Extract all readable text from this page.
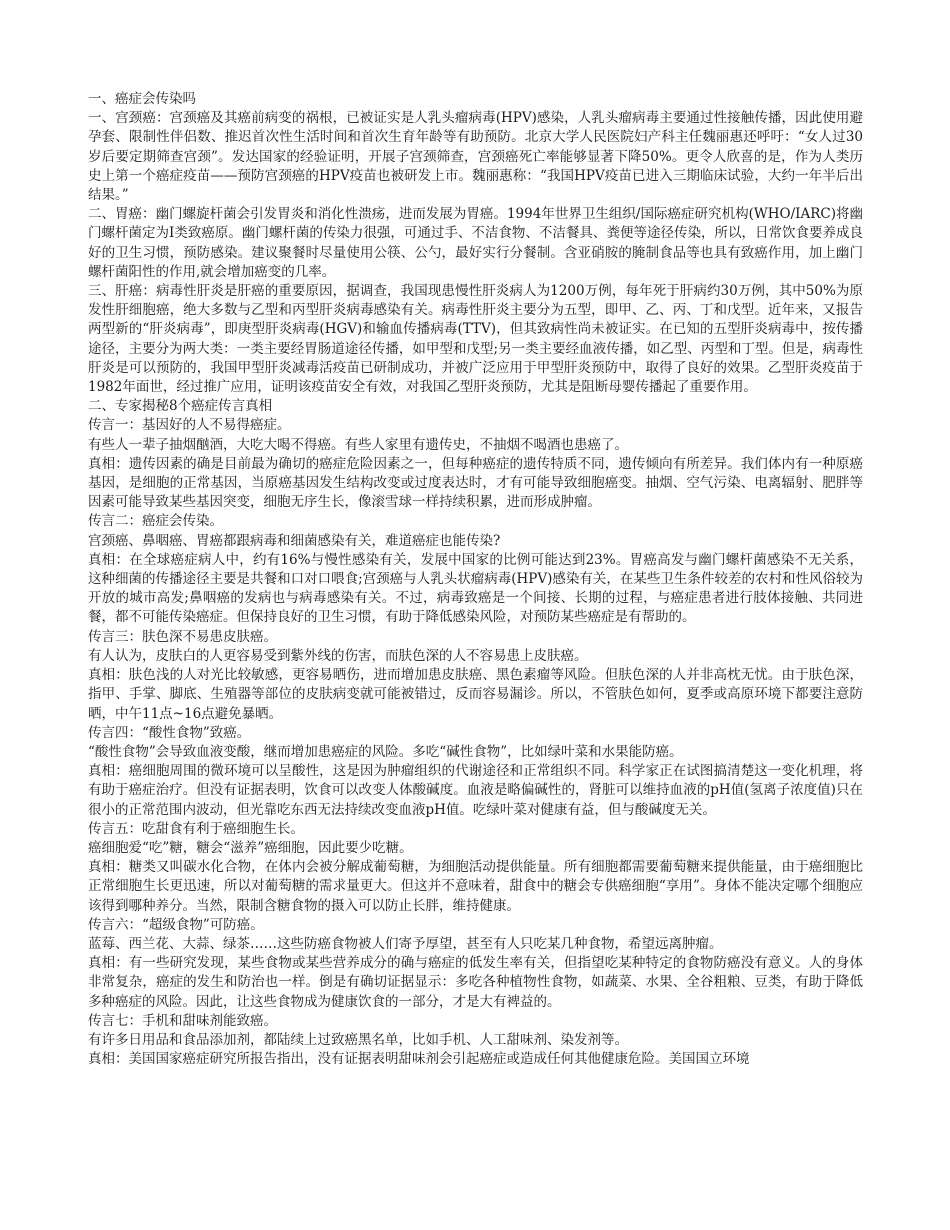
一、癌症会传染吗

一、宫颈癌：宫颈癌及其癌前病变的祸根，已被证实是人乳头瘤病毒(HPV)感染，人乳头瘤病毒主要通过性接触传播，因此使用避孕套、限制性伴侣数、推迟首次性生活时间和首次生育年龄等有助预防。北京大学人民医院妇产科主任魏丽惠还呼吁：“女人过30岁后要定期筛查宫颈”。发达国家的经验证明，开展子宫颈筛查，宫颈癌死亡率能够显著下降50%。更令人欣喜的是，作为人类历史上第一个癌症疫苗——预防宫颈癌的HPV疫苗也被研发上市。魏丽惠称：“我国HPV疫苗已进入三期临床试验，大约一年半后出结果。”

二、胃癌：幽门螺旋杆菌会引发胃炎和消化性溃疡，进而发展为胃癌。1994年世界卫生组织/国际癌症研究机构(WHO/IARC)将幽门螺杆菌定为Ⅰ类致癌原。幽门螺杆菌的传染力很强，可通过手、不洁食物、不洁餐具、粪便等途径传染，所以，日常饮食要养成良好的卫生习惯，预防感染。建议聚餐时尽量使用公筷、公勺，最好实行分餐制。含亚硝胺的腌制食品等也具有致癌作用，加上幽门螺杆菌阳性的作用,就会增加癌变的几率。

三、肝癌：病毒性肝炎是肝癌的重要原因，据调查，我国现患慢性肝炎病人为1200万例，每年死于肝病约30万例，其中50%为原发性肝细胞癌，绝大多数与乙型和丙型肝炎病毒感染有关。病毒性肝炎主要分为五型，即甲、乙、丙、丁和戊型。近年来，又报告两型新的“肝炎病毒”，即庚型肝炎病毒(HGV)和输血传播病毒(TTV)，但其致病性尚未被证实。在已知的五型肝炎病毒中，按传播途径，主要分为两大类：一类主要经胃肠道途径传播，如甲型和戊型;另一类主要经血液传播，如乙型、丙型和丁型。但是，病毒性肝炎是可以预防的，我国甲型肝炎减毒活疫苗已研制成功，并被广泛应用于甲型肝炎预防中，取得了良好的效果。乙型肝炎疫苗于1982年面世，经过推广应用，证明该疫苗安全有效，对我国乙型肝炎预防，尤其是阻断母婴传播起了重要作用。

二、专家揭秘8个癌症传言真相

传言一：基因好的人不易得癌症。

有些人一辈子抽烟酗酒，大吃大喝不得癌。有些人家里有遗传史，不抽烟不喝酒也患癌了。

真相：遗传因素的确是目前最为确切的癌症危险因素之一，但每种癌症的遗传特质不同，遗传倾向有所差异。我们体内有一种原癌基因，是细胞的正常基因，当原癌基因发生结构改变或过度表达时，才有可能导致细胞癌变。抽烟、空气污染、电离辐射、肥胖等因素可能导致某些基因突变，细胞无序生长，像滚雪球一样持续积累，进而形成肿瘤。

传言二：癌症会传染。

宫颈癌、鼻咽癌、胃癌都跟病毒和细菌感染有关，难道癌症也能传染?

真相：在全球癌症病人中，约有16%与慢性感染有关，发展中国家的比例可能达到23%。胃癌高发与幽门螺杆菌感染不无关系，这种细菌的传播途径主要是共餐和口对口喂食;宫颈癌与人乳头状瘤病毒(HPV)感染有关，在某些卫生条件较差的农村和性风俗较为开放的城市高发;鼻咽癌的发病也与病毒感染有关。不过，病毒致癌是一个间接、长期的过程，与癌症患者进行肢体接触、共同进餐，都不可能传染癌症。但保持良好的卫生习惯，有助于降低感染风险，对预防某些癌症是有帮助的。

传言三：肤色深不易患皮肤癌。

有人认为，皮肤白的人更容易受到紫外线的伤害，而肤色深的人不容易患上皮肤癌。

真相：肤色浅的人对光比较敏感，更容易晒伤，进而增加患皮肤癌、黑色素瘤等风险。但肤色深的人并非高枕无忧。由于肤色深，指甲、手掌、脚底、生殖器等部位的皮肤病变就可能被错过，反而容易漏诊。所以，不管肤色如何，夏季或高原环境下都要注意防晒，中午11点~16点避免暴晒。

传言四：“酸性食物”致癌。

“酸性食物”会导致血液变酸，继而增加患癌症的风险。多吃“碱性食物”，比如绿叶菜和水果能防癌。

真相：癌细胞周围的微环境可以呈酸性，这是因为肿瘤组织的代谢途径和正常组织不同。科学家正在试图搞清楚这一变化机理，将有助于癌症治疗。但没有证据表明，饮食可以改变人体酸碱度。血液是略偏碱性的，肾脏可以维持血液的pH值(氢离子浓度值)只在很小的正常范围内波动，但光靠吃东西无法持续改变血液pH值。吃绿叶菜对健康有益，但与酸碱度无关。

传言五：吃甜食有利于癌细胞生长。

癌细胞爱“吃”糖，糖会“滋养”癌细胞，因此要少吃糖。

真相：糖类又叫碳水化合物，在体内会被分解成葡萄糖，为细胞活动提供能量。所有细胞都需要葡萄糖来提供能量，由于癌细胞比正常细胞生长更迅速，所以对葡萄糖的需求量更大。但这并不意味着，甜食中的糖会专供癌细胞“享用”。身体不能决定哪个细胞应该得到哪种养分。当然，限制含糖食物的摄入可以防止长胖，维持健康。

传言六：“超级食物”可防癌。

蓝莓、西兰花、大蒜、绿茶……这些防癌食物被人们寄予厚望，甚至有人只吃某几种食物，希望远离肿瘤。

真相：有一些研究发现，某些食物或某些营养成分的确与癌症的低发生率有关，但指望吃某种特定的食物防癌没有意义。人的身体非常复杂，癌症的发生和防治也一样。倒是有确切证据显示：多吃各种植物性食物，如蔬菜、水果、全谷粗粮、豆类，有助于降低多种癌症的风险。因此，让这些食物成为健康饮食的一部分，才是大有裨益的。

传言七：手机和甜味剂能致癌。

有许多日用品和食品添加剂，都陆续上过致癌黑名单，比如手机、人工甜味剂、染发剂等。

真相：美国国家癌症研究所报告指出，没有证据表明甜味剂会引起癌症或造成任何其他健康危险。美国国立环境
